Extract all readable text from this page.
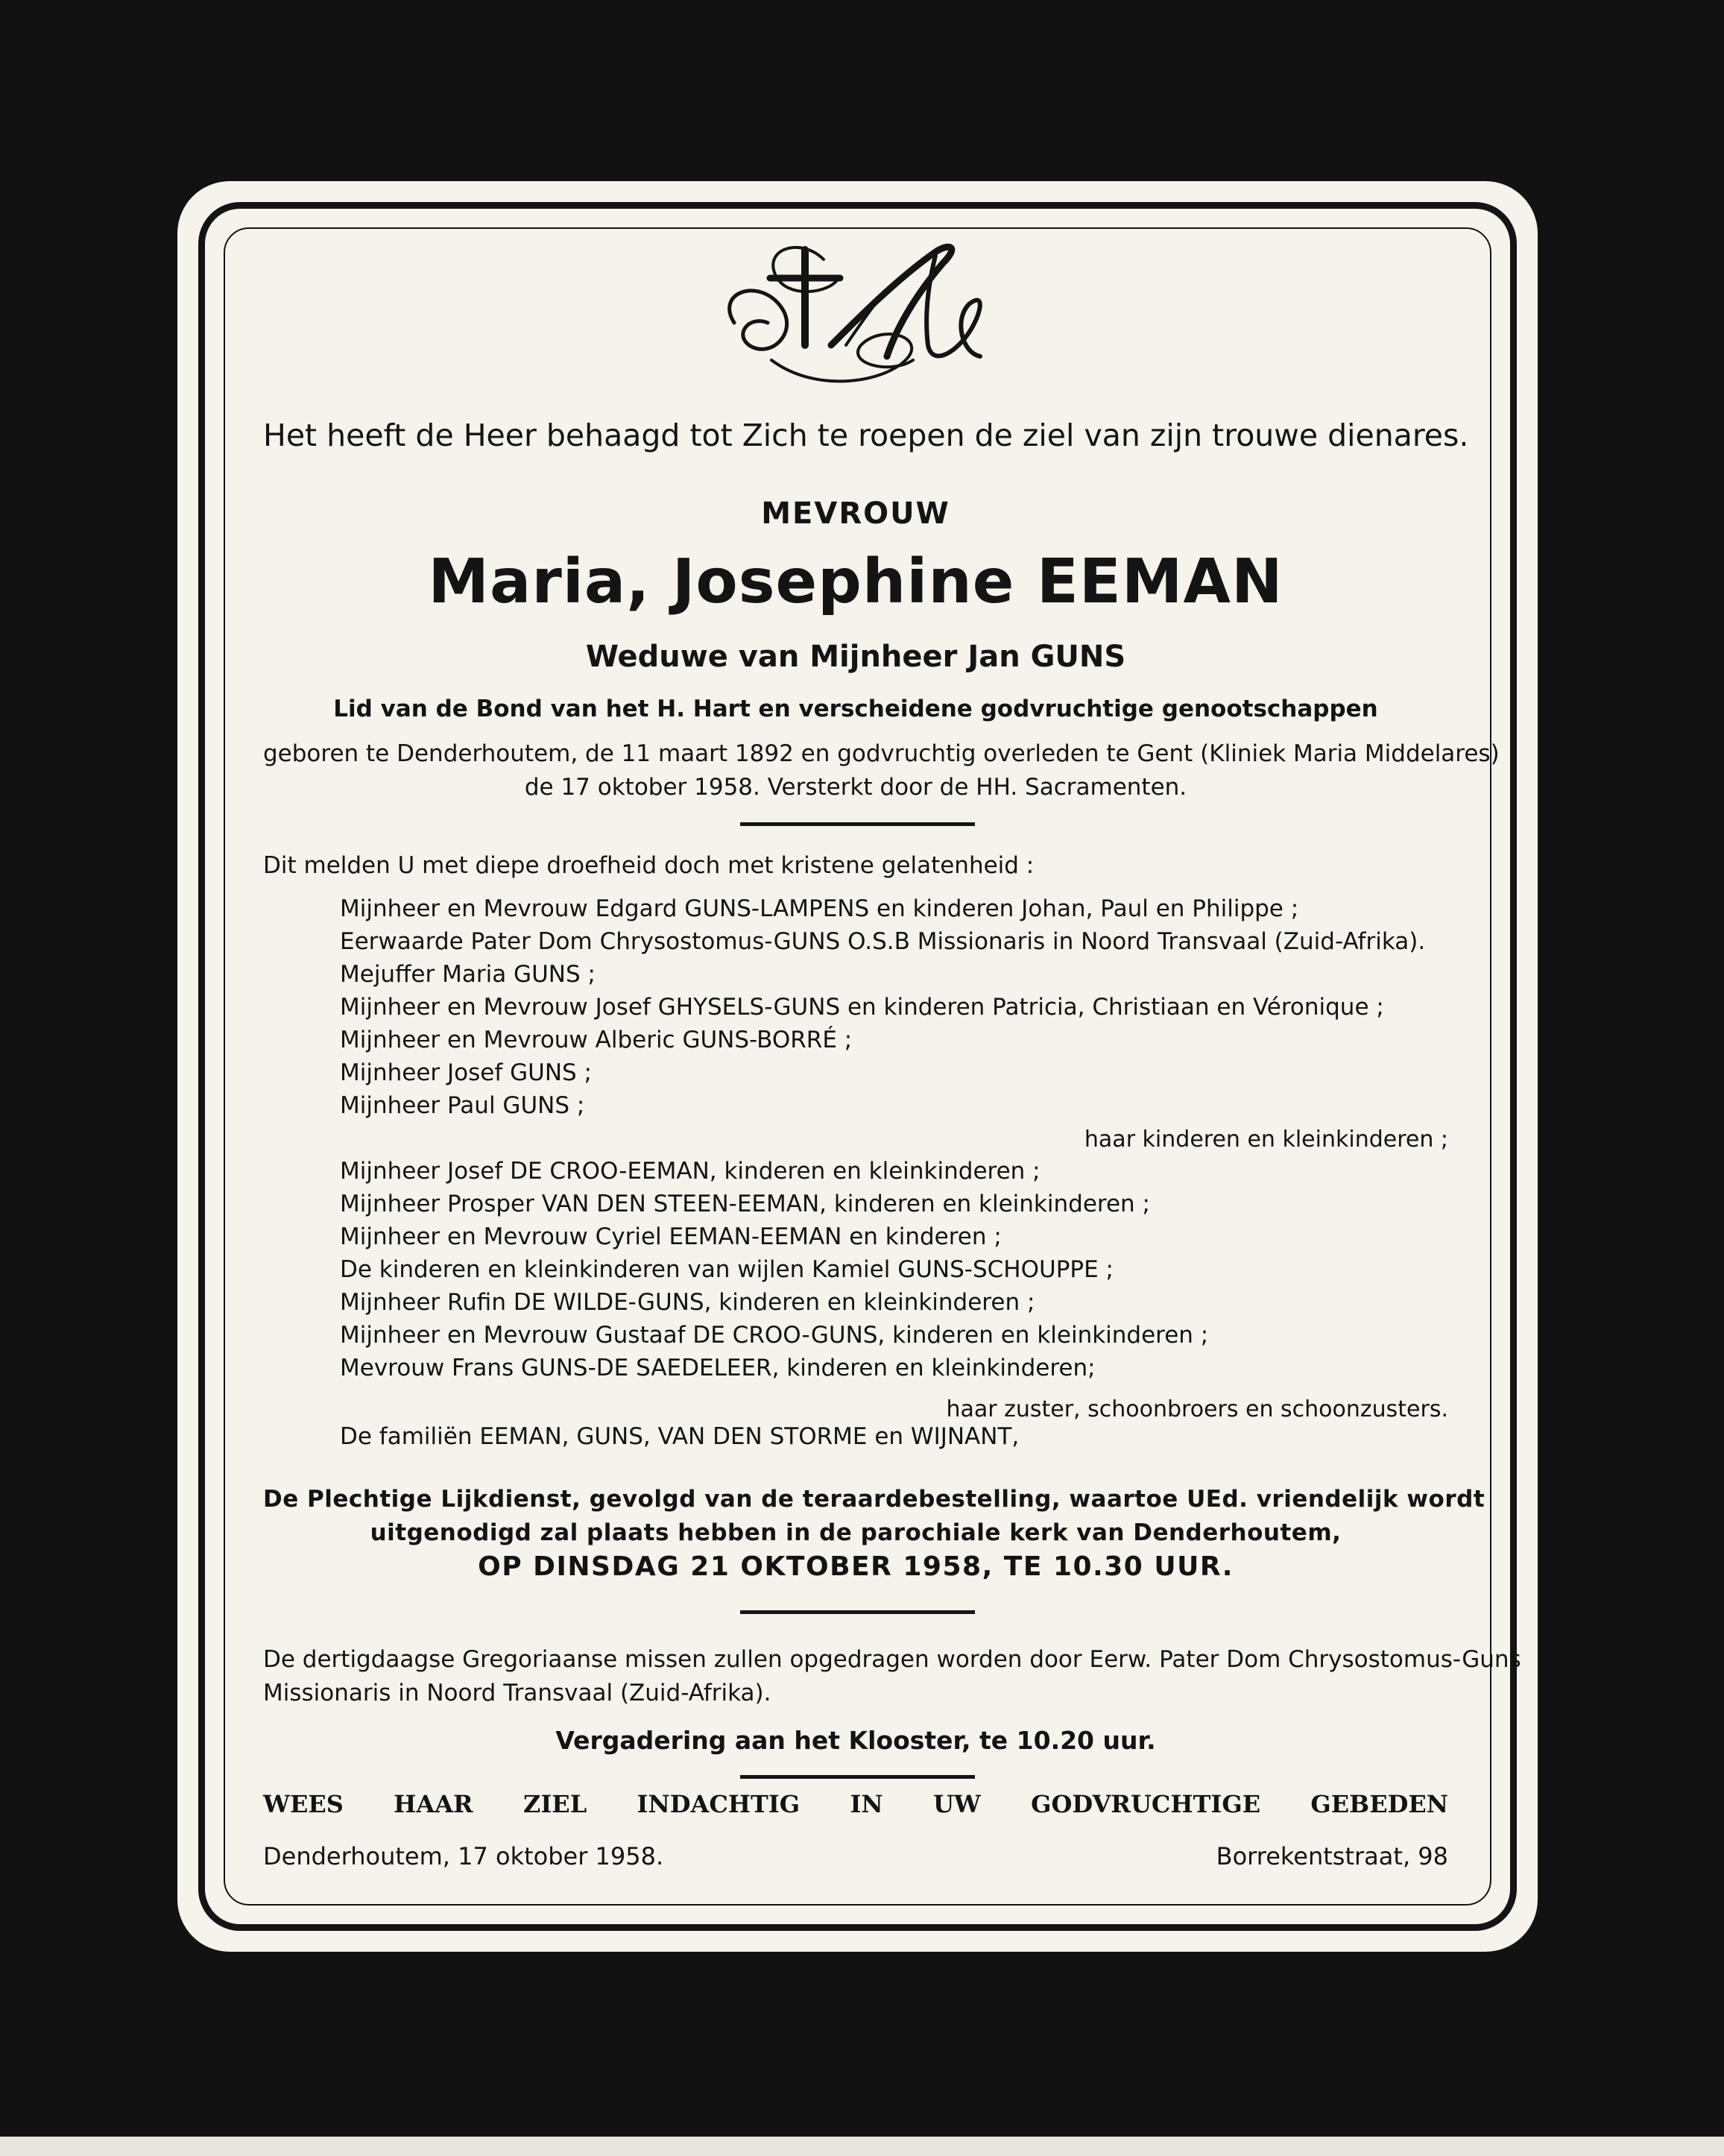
Het heeft de Heer behaagd tot Zich te roepen de ziel van zijn trouwe dienares.
MEVROUW
Maria, Josephine EEMAN
Weduwe van Mijnheer Jan GUNS
Lid van de Bond van het H. Hart en verscheidene godvruchtige genootschappen
geboren te Denderhoutem, de 11 maart 1892 en godvruchtig overleden te Gent (Kliniek Maria Middelares)
de 17 oktober 1958. Versterkt door de HH. Sacramenten.
Dit melden U met diepe droefheid doch met kristene gelatenheid :
Mijnheer en Mevrouw Edgard GUNS-LAMPENS en kinderen Johan, Paul en Philippe ;
Eerwaarde Pater Dom Chrysostomus-GUNS O.S.B Missionaris in Noord Transvaal (Zuid-Afrika).
Mejuffer Maria GUNS ;
Mijnheer en Mevrouw Josef GHYSELS-GUNS en kinderen Patricia, Christiaan en Véronique ;
Mijnheer en Mevrouw Alberic GUNS-BORRÉ ;
Mijnheer Josef GUNS ;
Mijnheer Paul GUNS ;
haar kinderen en kleinkinderen ;
Mijnheer Josef DE CROO-EEMAN, kinderen en kleinkinderen ;
Mijnheer Prosper VAN DEN STEEN-EEMAN, kinderen en kleinkinderen ;
Mijnheer en Mevrouw Cyriel EEMAN-EEMAN en kinderen ;
De kinderen en kleinkinderen van wijlen Kamiel GUNS-SCHOUPPE ;
Mijnheer Rufin DE WILDE-GUNS, kinderen en kleinkinderen ;
Mijnheer en Mevrouw Gustaaf DE CROO-GUNS, kinderen en kleinkinderen ;
Mevrouw Frans GUNS-DE SAEDELEER, kinderen en kleinkinderen;
haar zuster, schoonbroers en schoonzusters.
De familiën EEMAN, GUNS, VAN DEN STORME en WIJNANT,
De Plechtige Lijkdienst, gevolgd van de teraardebestelling, waartoe UEd. vriendelijk wordt
uitgenodigd zal plaats hebben in de parochiale kerk van Denderhoutem,
OP DINSDAG 21 OKTOBER 1958, TE 10.30 UUR.
De dertigdaagse Gregoriaanse missen zullen opgedragen worden door Eerw. Pater Dom Chrysostomus-Guns
Missionaris in Noord Transvaal (Zuid-Afrika).
Vergadering aan het Klooster, te 10.20 uur.
WEES HAAR ZIEL INDACHTIG IN UW GODVRUCHTIGE GEBEDEN
Denderhoutem, 17 oktober 1958.	Borrekentstraat, 98
